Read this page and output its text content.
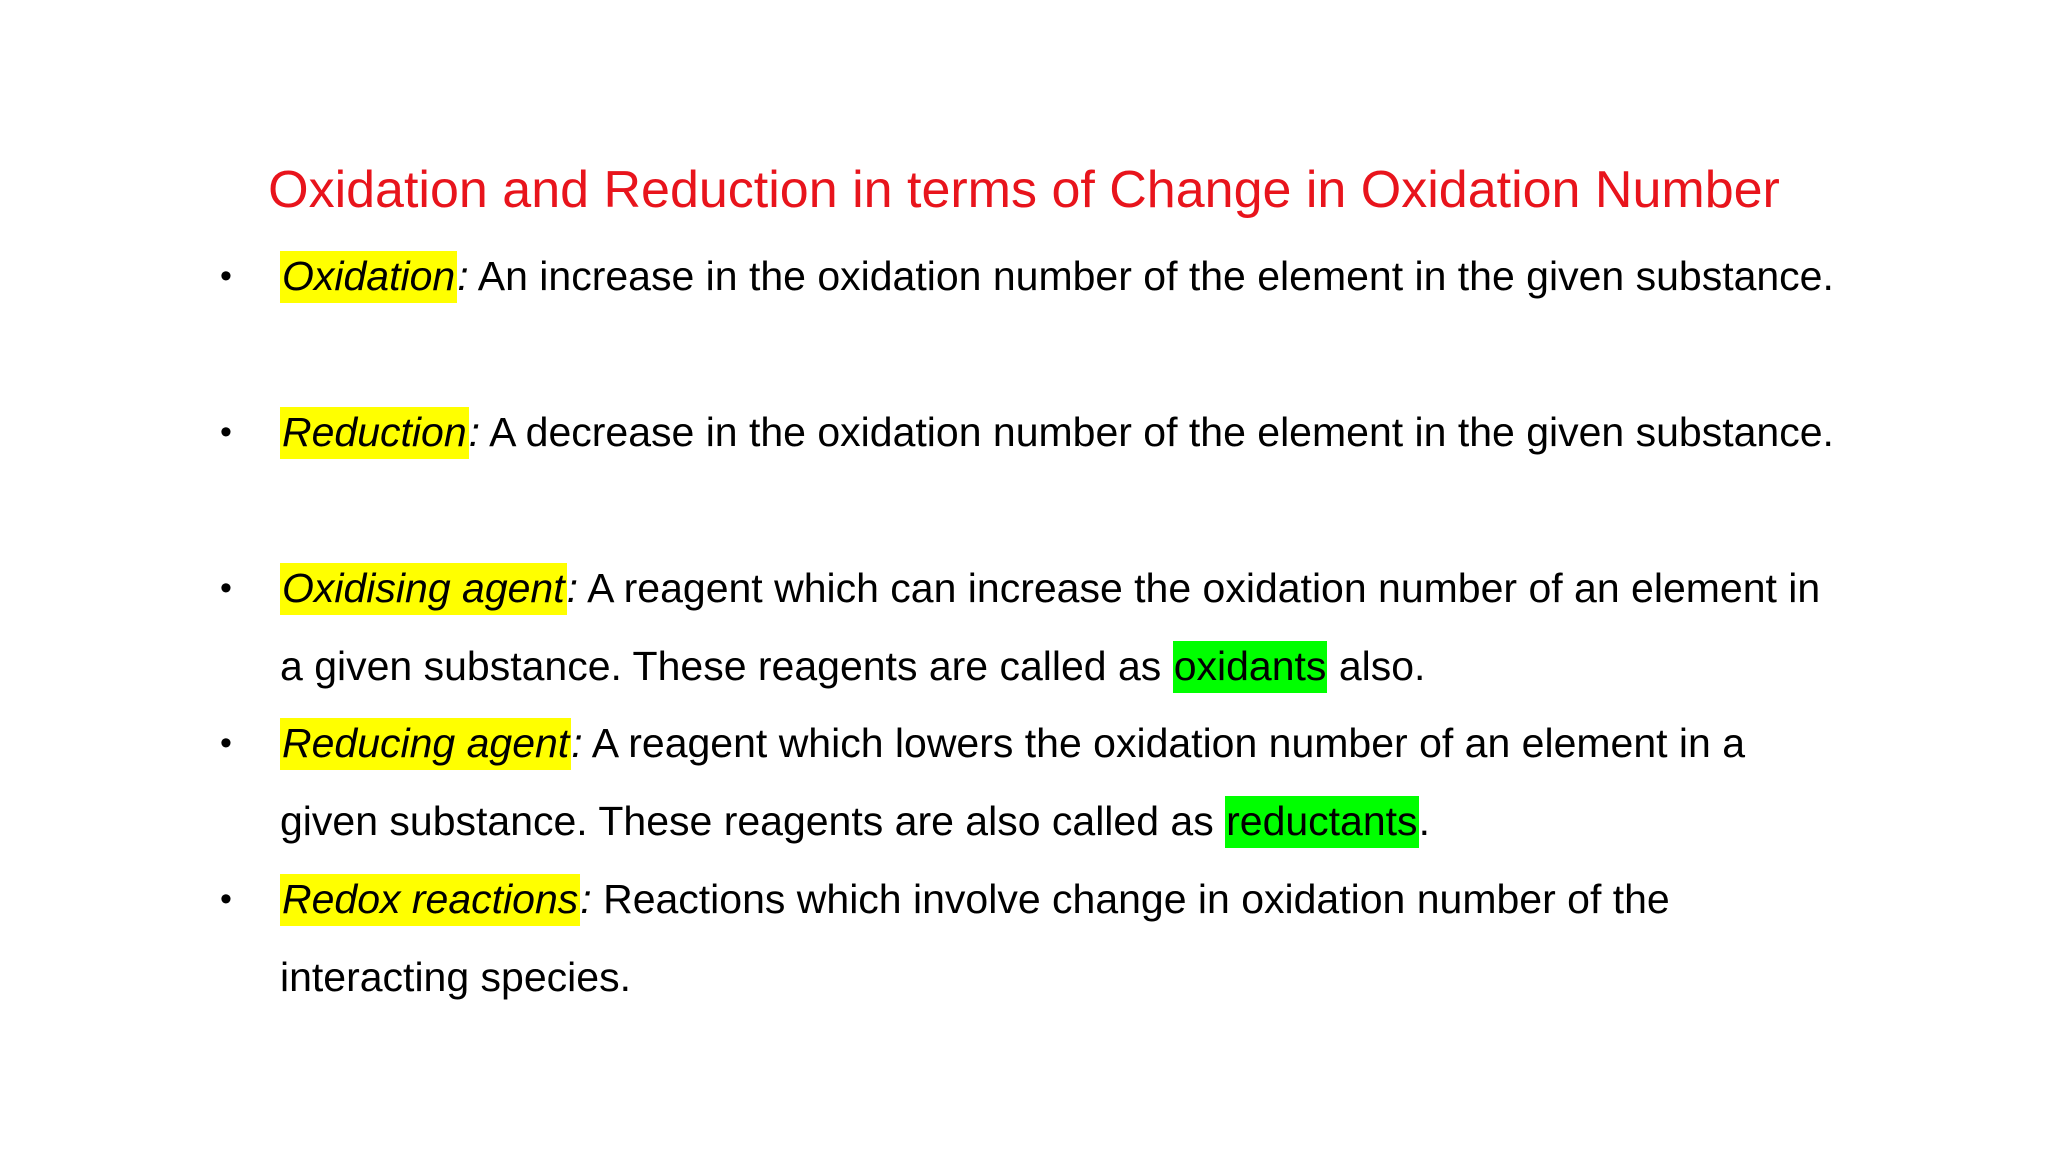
Oxidation and Reduction in terms of Change in Oxidation Number
• Oxidation: An increase in the oxidation number of the element in the given substance.
• Reduction: A decrease in the oxidation number of the element in the given substance.
• Oxidising agent: A reagent which can increase the oxidation number of an element in a given substance. These reagents are called as oxidants also.
• Reducing agent: A reagent which lowers the oxidation number of an element in a given substance. These reagents are also called as reductants.
• Redox reactions: Reactions which involve change in oxidation number of the interacting species.
